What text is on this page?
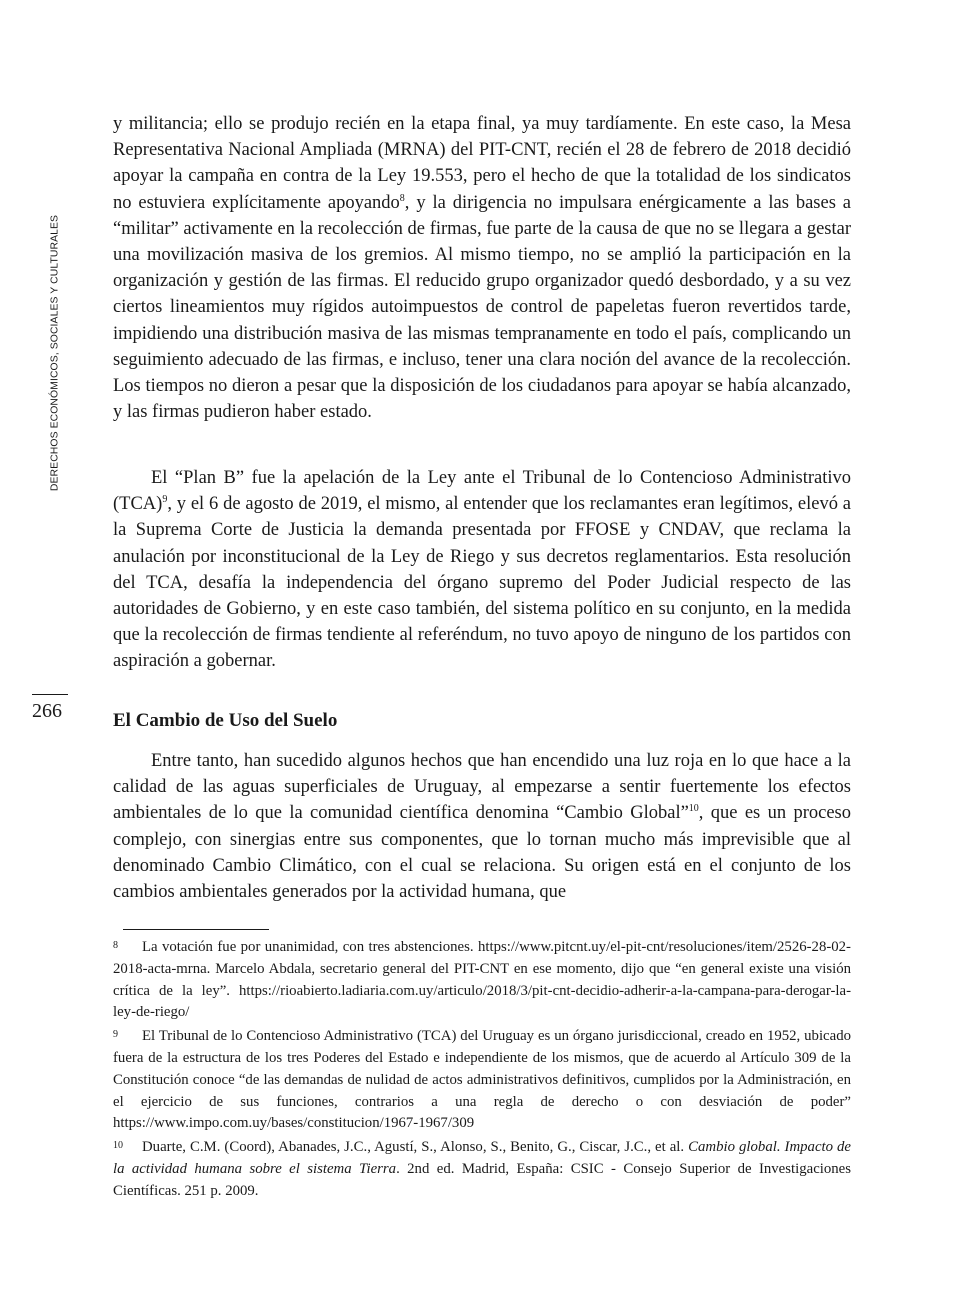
DERECHOS ECONÓMICOS, SOCIALES Y CULTURALES
266

y militancia; ello se produjo recién en la etapa final, ya muy tardíamente. En este caso, la Mesa Representativa Nacional Ampliada (MRNA) del PIT-CNT, recién el 28 de febrero de 2018 decidió apoyar la campaña en contra de la Ley 19.553, pero el hecho de que la totalidad de los sindicatos no estuviera explícitamente apoyando$^8$, y la dirigencia no impulsara enérgicamente a las bases a “militar” activamente en la recolección de firmas, fue parte de la causa de que no se llegara a gestar una movilización masiva de los gremios. Al mismo tiempo, no se amplió la participación en la organización y gestión de las firmas. El reducido grupo organizador quedó desbordado, y a su vez ciertos lineamientos muy rígidos autoimpuestos de control de papeletas fueron revertidos tarde, impidiendo una distribución masiva de las mismas tempranamente en todo el país, complicando un seguimiento adecuado de las firmas, e incluso, tener una clara noción del avance de la recolección. Los tiempos no dieron a pesar que la disposición de los ciudadanos para apoyar se había alcanzado, y las firmas pudieron haber estado.

El “Plan B” fue la apelación de la Ley ante el Tribunal de lo Contencioso Administrativo (TCA)$^9$, y el 6 de agosto de 2019, el mismo, al entender que los reclamantes eran legítimos, elevó a la Suprema Corte de Justicia la demanda presentada por FFOSE y CNDAV, que reclama la anulación por inconstitucional de la Ley de Riego y sus decretos reglamentarios. Esta resolución del TCA, desafía la independencia del órgano supremo del Poder Judicial respecto de las autoridades de Gobierno, y en este caso también, del sistema político en su conjunto, en la medida que la recolección de firmas tendiente al referéndum, no tuvo apoyo de ninguno de los partidos con aspiración a gobernar.

El Cambio de Uso del Suelo

Entre tanto, han sucedido algunos hechos que han encendido una luz roja en lo que hace a la calidad de las aguas superficiales de Uruguay, al empezarse a sentir fuertemente los efectos ambientales de lo que la comunidad científica denomina “Cambio Global”$^{10}$, que es un proceso complejo, con sinergias entre sus componentes, que lo tornan mucho más imprevisible que al denominado Cambio Climático, con el cual se relaciona. Su origen está en el conjunto de los cambios ambientales generados por la actividad humana, que

8 La votación fue por unanimidad, con tres abstenciones. https://www.pitcnt.uy/el-pit-cnt/resoluciones/item/2526-28-02-2018-acta-mrna. Marcelo Abdala, secretario general del PIT-CNT en ese momento, dijo que “en general existe una visión crítica de la ley”. https://rioabierto.ladiaria.com.uy/articulo/2018/3/pit-cnt-decidio-adherir-a-la-campana-para-derogar-la-ley-de-riego/

9 El Tribunal de lo Contencioso Administrativo (TCA) del Uruguay es un órgano jurisdiccional, creado en 1952, ubicado fuera de la estructura de los tres Poderes del Estado e independiente de los mismos, que de acuerdo al Artículo 309 de la Constitución conoce “de las demandas de nulidad de actos administrativos definitivos, cumplidos por la Administración, en el ejercicio de sus funciones, contrarios a una regla de derecho o con desviación de poder” https://www.impo.com.uy/bases/constitucion/1967-1967/309

10 Duarte, C.M. (Coord), Abanades, J.C., Agustí, S., Alonso, S., Benito, G., Ciscar, J.C., et al. Cambio global. Impacto de la actividad humana sobre el sistema Tierra. 2nd ed. Madrid, España: CSIC - Consejo Superior de Investigaciones Científicas. 251 p. 2009.
